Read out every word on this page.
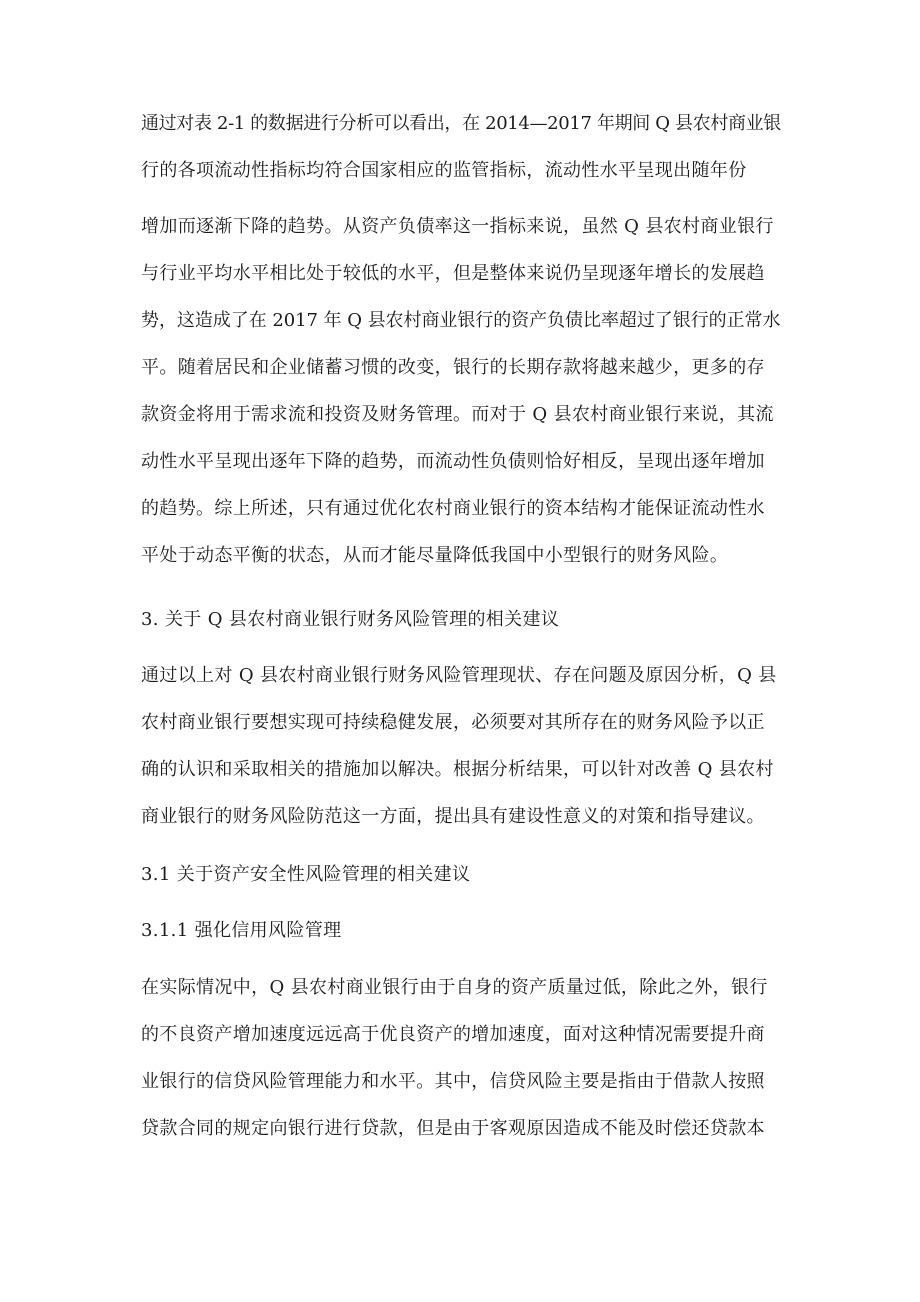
通过对表 2-1 的数据进行分析可以看出，在 2014—2017 年期间 Q 县农村商业银

行的各项流动性指标均符合国家相应的监管指标，流动性水平呈现出随年份

增加而逐渐下降的趋势。从资产负债率这一指标来说，虽然 Q 县农村商业银行

与行业平均水平相比处于较低的水平，但是整体来说仍呈现逐年增长的发展趋

势，这造成了在 2017 年 Q 县农村商业银行的资产负债比率超过了银行的正常水

平。随着居民和企业储蓄习惯的改变，银行的长期存款将越来越少，更多的存

款资金将用于需求流和投资及财务管理。而对于 Q 县农村商业银行来说，其流

动性水平呈现出逐年下降的趋势，而流动性负债则恰好相反，呈现出逐年增加

的趋势。综上所述，只有通过优化农村商业银行的资本结构才能保证流动性水

平处于动态平衡的状态，从而才能尽量降低我国中小型银行的财务风险。

3. 关于 Q 县农村商业银行财务风险管理的相关建议

通过以上对 Q 县农村商业银行财务风险管理现状、存在问题及原因分析，Q 县

农村商业银行要想实现可持续稳健发展，必须要对其所存在的财务风险予以正

确的认识和采取相关的措施加以解决。根据分析结果，可以针对改善 Q 县农村

商业银行的财务风险防范这一方面，提出具有建设性意义的对策和指导建议。

3.1 关于资产安全性风险管理的相关建议

3.1.1 强化信用风险管理

在实际情况中，Q 县农村商业银行由于自身的资产质量过低，除此之外，银行

的不良资产增加速度远远高于优良资产的增加速度，面对这种情况需要提升商

业银行的信贷风险管理能力和水平。其中，信贷风险主要是指由于借款人按照

贷款合同的规定向银行进行贷款，但是由于客观原因造成不能及时偿还贷款本
